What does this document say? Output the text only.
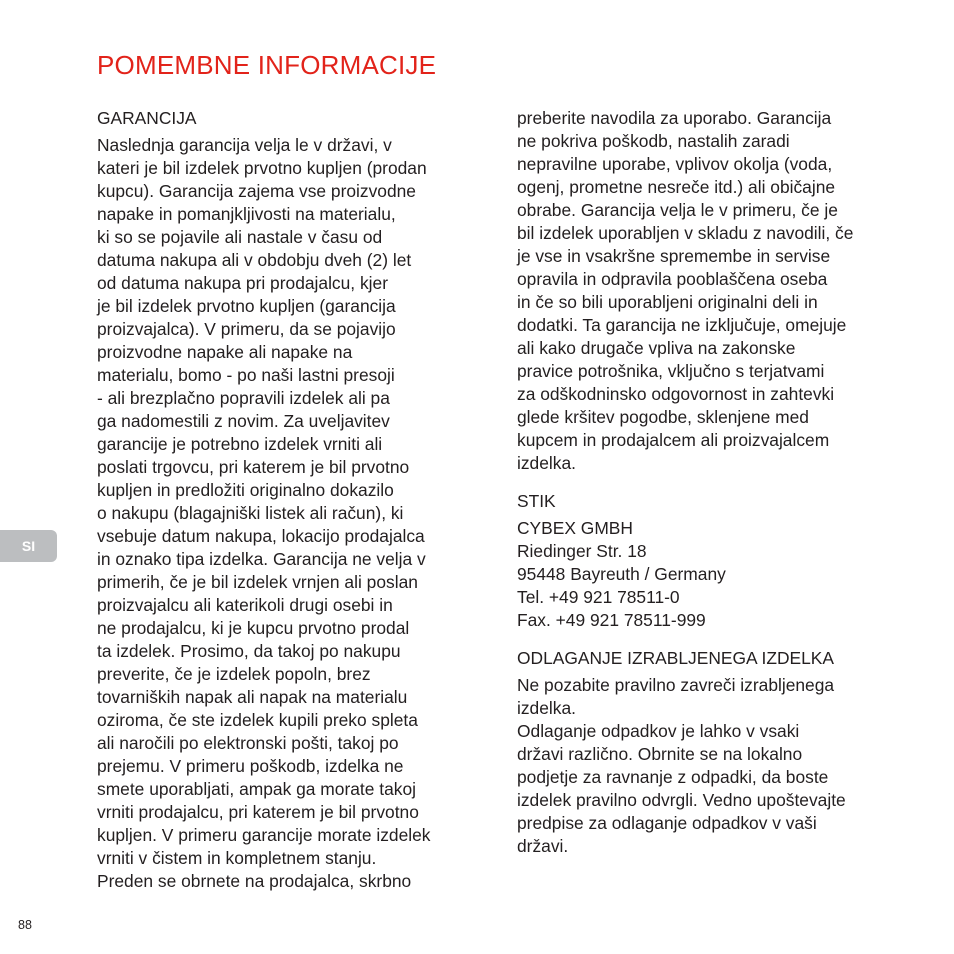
POMEMBNE INFORMACIJE
GARANCIJA
Naslednja garancija velja le v državi, v
kateri je bil izdelek prvotno kupljen (prodan
kupcu). Garancija zajema vse proizvodne
napake in pomanjkljivosti na materialu,
ki so se pojavile ali nastale v času od
datuma nakupa ali v obdobju dveh (2) let
od datuma nakupa pri prodajalcu, kjer
je bil izdelek prvotno kupljen (garancija
proizvajalca). V primeru, da se pojavijo
proizvodne napake ali napake na
materialu, bomo - po naši lastni presoji
- ali brezplačno popravili izdelek ali pa
ga nadomestili z novim. Za uveljavitev
garancije je potrebno izdelek vrniti ali
poslati trgovcu, pri katerem je bil prvotno
kupljen in predložiti originalno dokazilo
o nakupu (blagajniški listek ali račun), ki
vsebuje datum nakupa, lokacijo prodajalca
in oznako tipa izdelka. Garancija ne velja v
primerih, če je bil izdelek vrnjen ali poslan
proizvajalcu ali katerikoli drugi osebi in
ne prodajalcu, ki je kupcu prvotno prodal
ta izdelek. Prosimo, da takoj po nakupu
preverite, če je izdelek popoln, brez
tovarniških napak ali napak na materialu
oziroma, če ste izdelek kupili preko spleta
ali naročili po elektronski pošti, takoj po
prejemu. V primeru poškodb, izdelka ne
smete uporabljati, ampak ga morate takoj
vrniti prodajalcu, pri katerem je bil prvotno
kupljen. V primeru garancije morate izdelek
vrniti v čistem in kompletnem stanju.
Preden se obrnete na prodajalca, skrbno
preberite navodila za uporabo. Garancija
ne pokriva poškodb, nastalih zaradi
nepravilne uporabe, vplivov okolja (voda,
ogenj, prometne nesreče itd.) ali običajne
obrabe. Garancija velja le v primeru, če je
bil izdelek uporabljen v skladu z navodili, če
je vse in vsakršne spremembe in servise
opravila in odpravila pooblaščena oseba
in če so bili uporabljeni originalni deli in
dodatki. Ta garancija ne izključuje, omejuje
ali kako drugače vpliva na zakonske
pravice potrošnika, vključno s terjatvami
za odškodninsko odgovornost in zahtevki
glede kršitev pogodbe, sklenjene med
kupcem in prodajalcem ali proizvajalcem
izdelka.
STIK
CYBEX GMBH
Riedinger Str. 18
95448 Bayreuth / Germany
Tel. +49 921 78511-0
Fax. +49 921 78511-999
ODLAGANJE IZRABLJENEGA IZDELKA
Ne pozabite pravilno zavreči izrabljenega
izdelka.
Odlaganje odpadkov je lahko v vsaki
državi različno. Obrnite se na lokalno
podjetje za ravnanje z odpadki, da boste
izdelek pravilno odvrgli. Vedno upoštevajte
predpise za odlaganje odpadkov v vaši
državi.
SI
88
